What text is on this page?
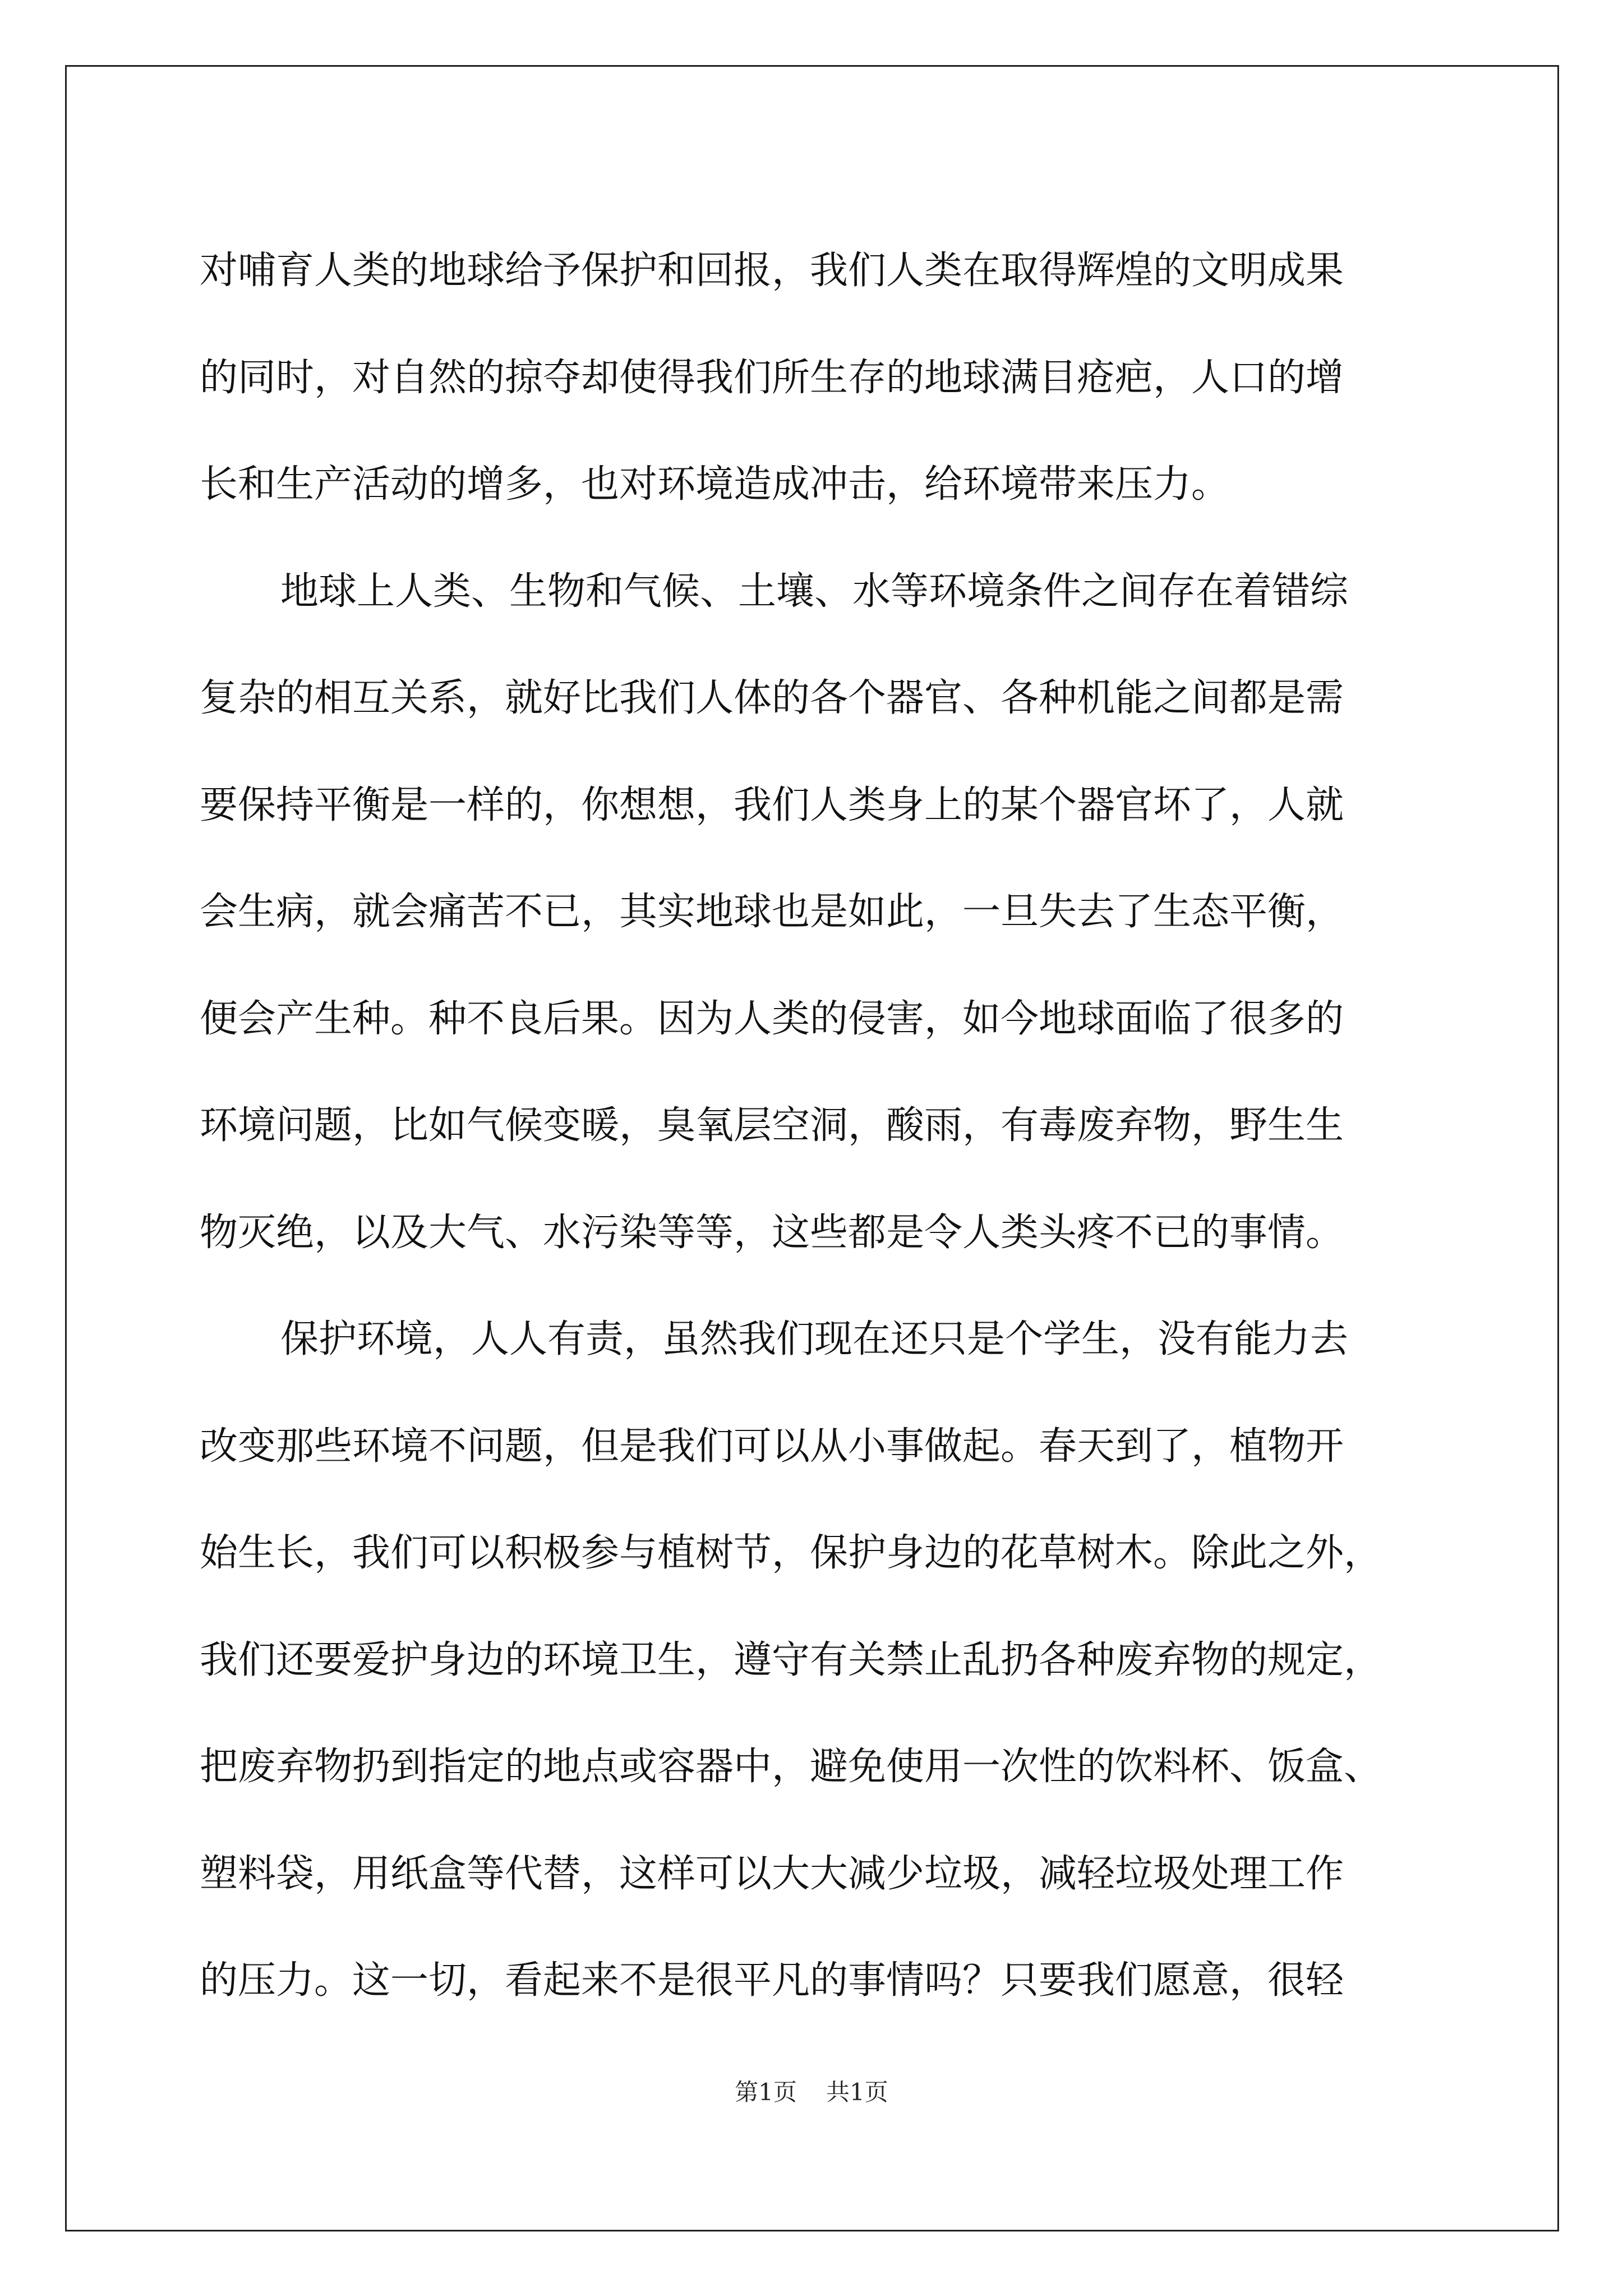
对哺育人类的地球给予保护和回报，我们人类在取得辉煌的文明成果
的同时，对自然的掠夺却使得我们所生存的地球满目疮疤，人口的增
长和生产活动的增多，也对环境造成冲击，给环境带来压力。
地球上人类、生物和气候、土壤、水等环境条件之间存在着错综
复杂的相互关系，就好比我们人体的各个器官、各种机能之间都是需
要保持平衡是一样的，你想想，我们人类身上的某个器官坏了，人就
会生病，就会痛苦不已，其实地球也是如此，一旦失去了生态平衡，
便会产生种。种不良后果。因为人类的侵害，如今地球面临了很多的
环境问题，比如气候变暖，臭氧层空洞，酸雨，有毒废弃物，野生生
物灭绝，以及大气、水污染等等，这些都是令人类头疼不已的事情。
保护环境，人人有责，虽然我们现在还只是个学生，没有能力去
改变那些环境不问题，但是我们可以从小事做起。春天到了，植物开
始生长，我们可以积极参与植树节，保护身边的花草树木。除此之外，
我们还要爱护身边的环境卫生，遵守有关禁止乱扔各种废弃物的规定，
把废弃物扔到指定的地点或容器中，避免使用一次性的饮料杯、饭盒、
塑料袋，用纸盒等代替，这样可以大大减少垃圾，减轻垃圾处理工作
的压力。这一切，看起来不是很平凡的事情吗？只要我们愿意，很轻
第1页 共1页
